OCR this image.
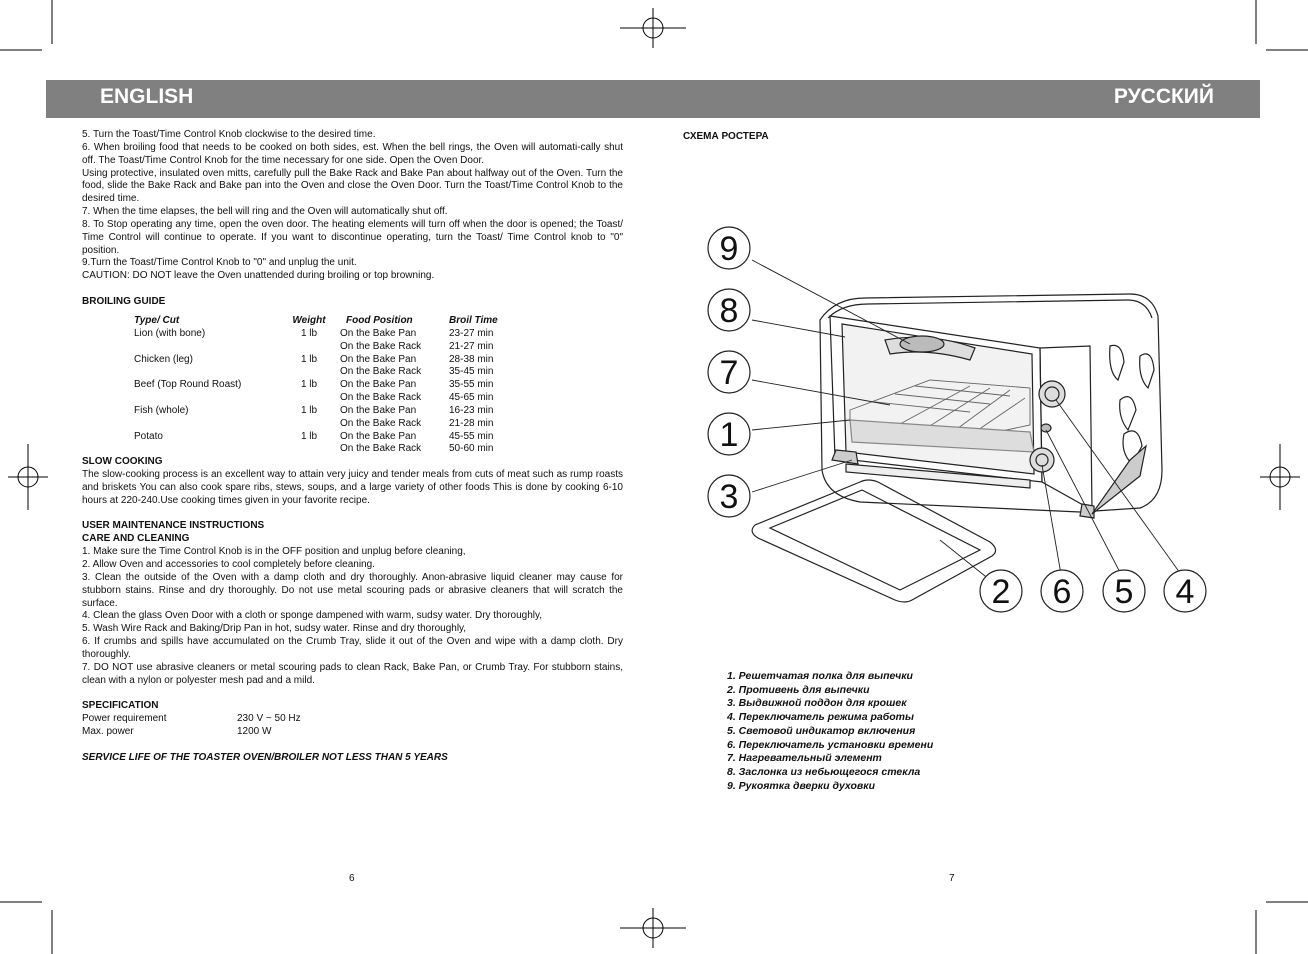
ENGLISH	РУССКИЙ

5. Turn the Toast/Time Control Knob clockwise to the desired time.

6. When broiling food that needs to be cooked on both sides, est. When the bell rings, the Oven will automati-cally shut off. The Toast/Time Control Knob for the time necessary for one side. Open the Oven Door.

Using protective, insulated oven mitts, carefully pull the Bake Rack and Bake Pan about halfway out of the Oven. Turn the food, slide the Bake Rack and Bake pan into the Oven and close the Oven Door. Turn the Toast/Time Control Knob to the desired time.

7. When the time elapses, the bell will ring and the Oven will automatically shut off.

8. To Stop operating any time, open the oven door. The heating elements will turn off when the door is opened; the Toast/ Time Control will continue to operate. If you want to discontinue operating, turn the Toast/ Time Control knob to "0" position.

9.Turn the Toast/Time Control Knob to "0" and unplug the unit.

CAUTION: DO NOT leave the Oven unattended during broiling or top browning.

BROILING GUIDE

Type/ Cut	Weight	Food Position	Broil Time
Lion (with bone)	1 lb	On the Bake Pan	23-27 min
		On the Bake Rack	21-27 min
Chicken (leg)	1 lb	On the Bake Pan	28-38 min
		On the Bake Rack	35-45 min
Beef (Top Round Roast)	1 lb	On the Bake Pan	35-55 min
		On the Bake Rack	45-65 min
Fish (whole)	1 lb	On the Bake Pan	16-23 min
		On the Bake Rack	21-28 min
Potato	1 lb	On the Bake Pan	45-55 min
		On the Bake Rack	50-60 min

SLOW COOKING

The slow-cooking process is an excellent way to attain very juicy and tender meals from cuts of meat such as rump roasts and briskets You can also cook spare ribs, stews, soups, and a large variety of other foods This is done by cooking 6-10 hours at 220-240.Use cooking times given in your favorite recipe.

USER MAINTENANCE INSTRUCTIONS

CARE AND CLEANING

1. Make sure the Time Control Knob is in the OFF position and unplug before cleaning,

2. Allow Oven and accessories to cool completely before cleaning.

3. Clean the outside of the Oven with a damp cloth and dry thoroughly. Anon-abrasive liquid cleaner may cause for stubborn stains. Rinse and dry thoroughly. Do not use metal scouring pads or abrasive cleaners that will scratch the surface.

4. Clean the glass Oven Door with a cloth or sponge dampened with warm, sudsy water. Dry thoroughly,

5. Wash Wire Rack and Baking/Drip Pan in hot, sudsy water. Rinse and dry thoroughly,

6. If crumbs and spills have accumulated on the Crumb Tray, slide it out of the Oven and wipe with a damp cloth. Dry thoroughly.

7. DO NOT use abrasive cleaners or metal scouring pads to clean Rack, Bake Pan, or Crumb Tray. For stubborn stains, clean with a nylon or polyester mesh pad and a mild.

SPECIFICATION

Power requirement	230 V ~ 50 Hz
Max. power	1200 W

SERVICE LIFE OF THE TOASTER OVEN/BROILER NOT LESS THAN 5 YEARS

СХЕМА РОСТЕРА
9
8
7
1
3
2 6 5 4
1. Решетчатая полка для выпечки
2. Противень для выпечки
3. Выдвижной поддон для крошек
4. Переключатель режима работы
5. Световой индикатор включения
6. Переключатель установки времени
7. Нагревательный элемент
8. Заслонка из небьющегося стекла
9. Рукоятка дверки духовки
6	7
